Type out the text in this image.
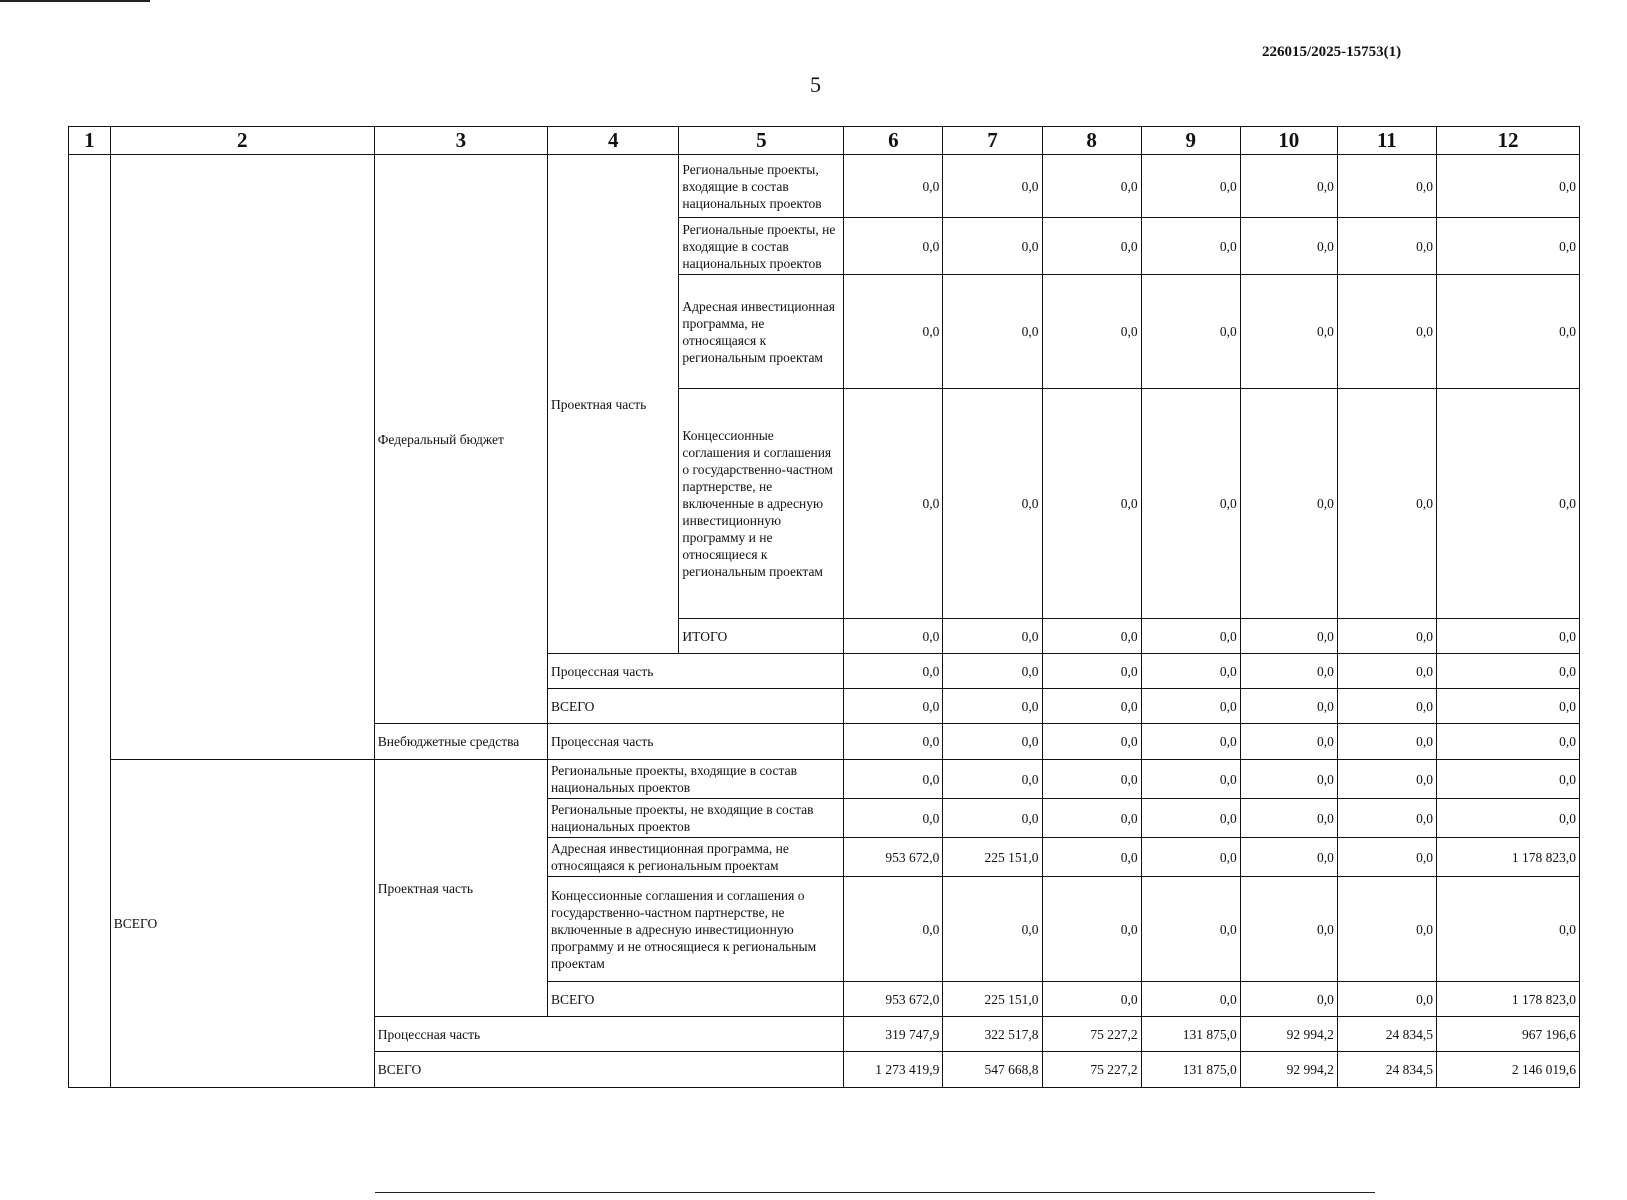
226015/2025-15753(1)
5
1	2	3	4	5	6	7	8	9	10	11	12
		Федеральный бюджет	Проектная часть	Региональные проекты, входящие в состав национальных проектов	0,0	0,0	0,0	0,0	0,0	0,0	0,0
				Региональные проекты, не входящие в состав национальных проектов	0,0	0,0	0,0	0,0	0,0	0,0	0,0
				Адресная инвестиционная программа, не относящаяся к региональным проектам	0,0	0,0	0,0	0,0	0,0	0,0	0,0
				Концессионные соглашения и соглашения о государственно-частном партнерстве, не включенные в адресную инвестиционную программу и не относящиеся к региональным проектам	0,0	0,0	0,0	0,0	0,0	0,0	0,0
				ИТОГО	0,0	0,0	0,0	0,0	0,0	0,0	0,0
			Процессная часть		0,0	0,0	0,0	0,0	0,0	0,0	0,0
			ВСЕГО		0,0	0,0	0,0	0,0	0,0	0,0	0,0
		Внебюджетные средства	Процессная часть		0,0	0,0	0,0	0,0	0,0	0,0	0,0
	ВСЕГО	Проектная часть	Региональные проекты, входящие в состав национальных проектов		0,0	0,0	0,0	0,0	0,0	0,0	0,0
			Региональные проекты, не входящие в состав национальных проектов		0,0	0,0	0,0	0,0	0,0	0,0	0,0
			Адресная инвестиционная программа, не относящаяся к региональным проектам		953 672,0	225 151,0	0,0	0,0	0,0	0,0	1 178 823,0
			Концессионные соглашения и соглашения о государственно-частном партнерстве, не включенные в адресную инвестиционную программу и не относящиеся к региональным проектам		0,0	0,0	0,0	0,0	0,0	0,0	0,0
			ВСЕГО		953 672,0	225 151,0	0,0	0,0	0,0	0,0	1 178 823,0
		Процессная часть			319 747,9	322 517,8	75 227,2	131 875,0	92 994,2	24 834,5	967 196,6
		ВСЕГО			1 273 419,9	547 668,8	75 227,2	131 875,0	92 994,2	24 834,5	2 146 019,6
